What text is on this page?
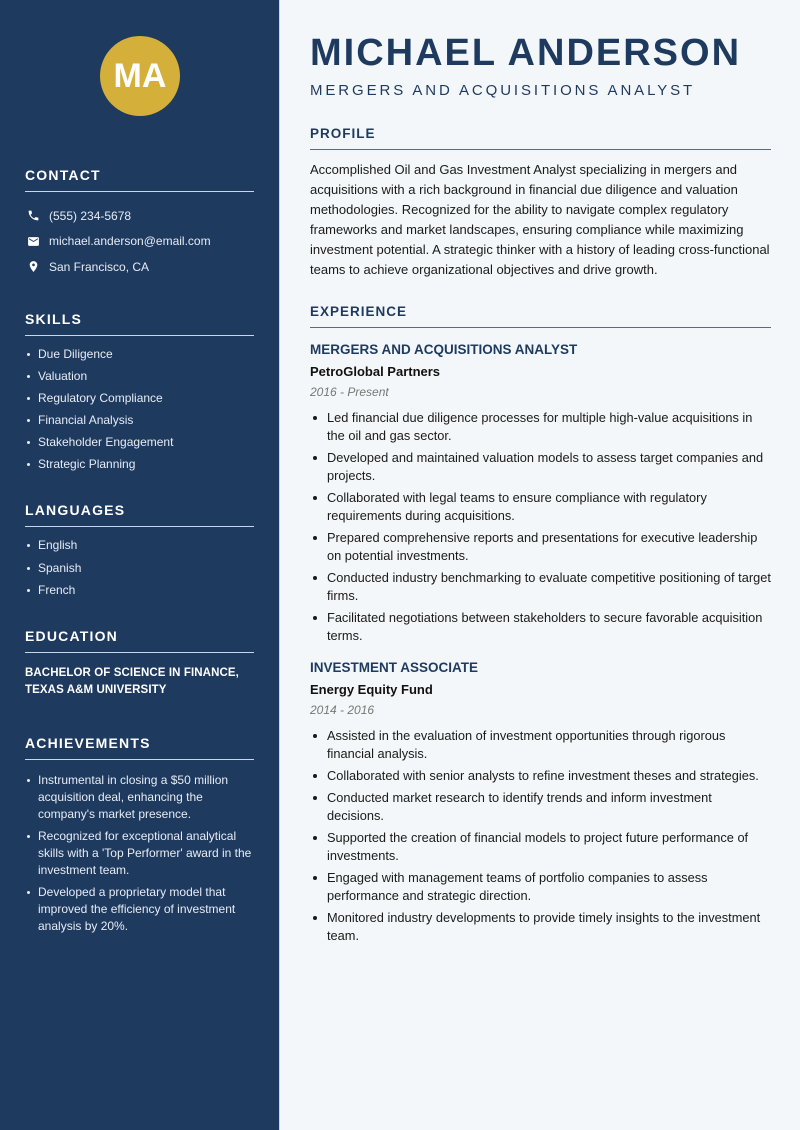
MA
CONTACT
(555) 234-5678
michael.anderson@email.com
San Francisco, CA
SKILLS
Due Diligence
Valuation
Regulatory Compliance
Financial Analysis
Stakeholder Engagement
Strategic Planning
LANGUAGES
English
Spanish
French
EDUCATION
BACHELOR OF SCIENCE IN FINANCE,
TEXAS A&M UNIVERSITY
ACHIEVEMENTS
Instrumental in closing a $50 million acquisition deal, enhancing the company's market presence.
Recognized for exceptional analytical skills with a 'Top Performer' award in the investment team.
Developed a proprietary model that improved the efficiency of investment analysis by 20%.
MICHAEL ANDERSON
MERGERS AND ACQUISITIONS ANALYST
PROFILE

Accomplished Oil and Gas Investment Analyst specializing in mergers and acquisitions with a rich background in financial due diligence and valuation methodologies. Recognized for the ability to navigate complex regulatory frameworks and market landscapes, ensuring compliance while maximizing investment potential. A strategic thinker with a history of leading cross-functional teams to achieve organizational objectives and drive growth.

EXPERIENCE
MERGERS AND ACQUISITIONS ANALYST
PetroGlobal Partners
2016 - Present
Led financial due diligence processes for multiple high-value acquisitions in the oil and gas sector.
Developed and maintained valuation models to assess target companies and projects.
Collaborated with legal teams to ensure compliance with regulatory requirements during acquisitions.
Prepared comprehensive reports and presentations for executive leadership on potential investments.
Conducted industry benchmarking to evaluate competitive positioning of target firms.
Facilitated negotiations between stakeholders to secure favorable acquisition terms.
INVESTMENT ASSOCIATE
Energy Equity Fund
2014 - 2016
Assisted in the evaluation of investment opportunities through rigorous financial analysis.
Collaborated with senior analysts to refine investment theses and strategies.
Conducted market research to identify trends and inform investment decisions.
Supported the creation of financial models to project future performance of investments.
Engaged with management teams of portfolio companies to assess performance and strategic direction.
Monitored industry developments to provide timely insights to the investment team.
